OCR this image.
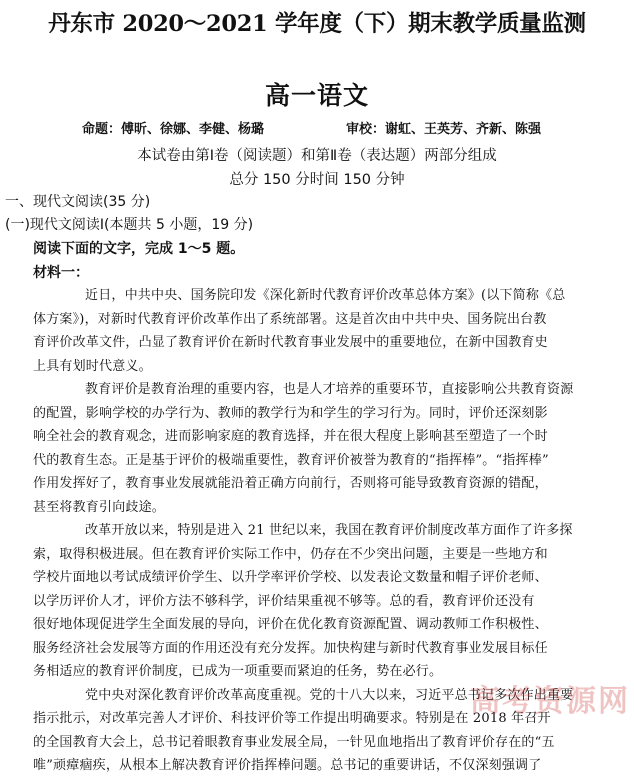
丹东市 2020～2021 学年度（下）期末教学质量监测
高一语文
命题：傅昕、徐娜、李健、杨璐	审校：谢虹、王英芳、齐新、陈强
本试卷由第Ⅰ卷（阅读题）和第Ⅱ卷（表达题）两部分组成
总分 150 分时间 150 分钟
一、现代文阅读(35 分)
(一)现代文阅读Ⅰ(本题共 5 小题，19 分)
阅读下面的文字，完成 1～5 题。
材料一：
近日，中共中央、国务院印发《深化新时代教育评价改革总体方案》(以下简称《总
体方案》)，对新时代教育评价改革作出了系统部署。这是首次由中共中央、国务院出台教
育评价改革文件，凸显了教育评价在新时代教育事业发展中的重要地位，在新中国教育史
上具有划时代意义。
教育评价是教育治理的重要内容，也是人才培养的重要环节，直接影响公共教育资源
的配置，影响学校的办学行为、教师的教学行为和学生的学习行为。同时，评价还深刻影
响全社会的教育观念，进而影响家庭的教育选择，并在很大程度上影响甚至塑造了一个时
代的教育生态。正是基于评价的极端重要性，教育评价被誉为教育的“指挥棒”。“指挥棒”
作用发挥好了，教育事业发展就能沿着正确方向前行，否则将可能导致教育资源的错配，
甚至将教育引向歧途。
改革开放以来，特别是进入 21 世纪以来，我国在教育评价制度改革方面作了许多探
索，取得积极进展。但在教育评价实际工作中，仍存在不少突出问题，主要是一些地方和
学校片面地以考试成绩评价学生、以升学率评价学校、以发表论文数量和帽子评价老师、
以学历评价人才，评价方法不够科学，评价结果重视不够等。总的看，教育评价还没有
很好地体现促进学生全面发展的导向，评价在优化教育资源配置、调动教师工作积极性、
服务经济社会发展等方面的作用还没有充分发挥。加快构建与新时代教育事业发展目标任
务相适应的教育评价制度，已成为一项重要而紧迫的任务，势在必行。
党中央对深化教育评价改革高度重视。党的十八大以来，习近平总书记多次作出重要
指示批示，对改革完善人才评价、科技评价等工作提出明确要求。特别是在 2018 年召开
的全国教育大会上，总书记着眼教育事业发展全局，一针见血地指出了教育评价存在的“五
唯”顽瘴痼疾，从根本上解决教育评价指挥棒问题。总书记的重要讲话，不仅深刻强调了
高考资源网
